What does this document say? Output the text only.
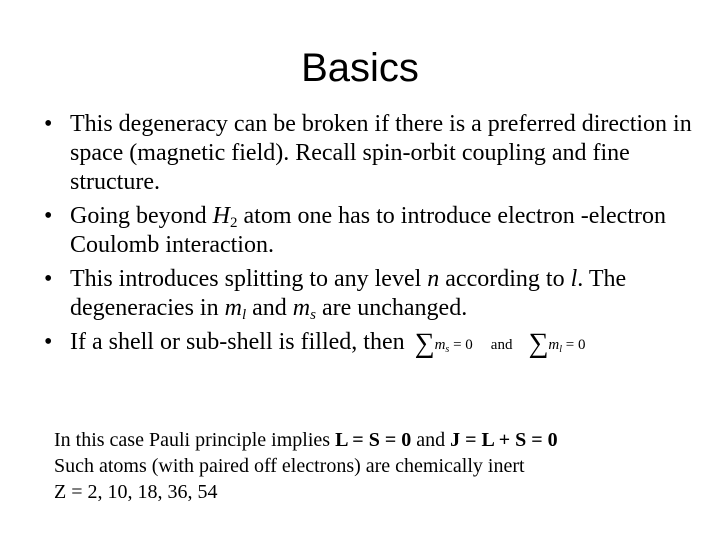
Basics
• This degeneracy can be broken if there is a preferred direction in space (magnetic field). Recall spin-orbit coupling and fine structure.
• Going beyond $H_2$ atom one has to introduce electron -electron Coulomb interaction.
• This introduces splitting to any level n according to l. The degeneracies in $m_l$ and $m_s$ are unchanged.
• If a shell or sub-shell is filled, then $\sum m_s = 0$ and $\sum m_l = 0$
In this case Pauli principle implies L = S = 0 and J = L + S = 0
Such atoms (with paired off electrons) are chemically inert
Z = 2, 10, 18, 36, 54
